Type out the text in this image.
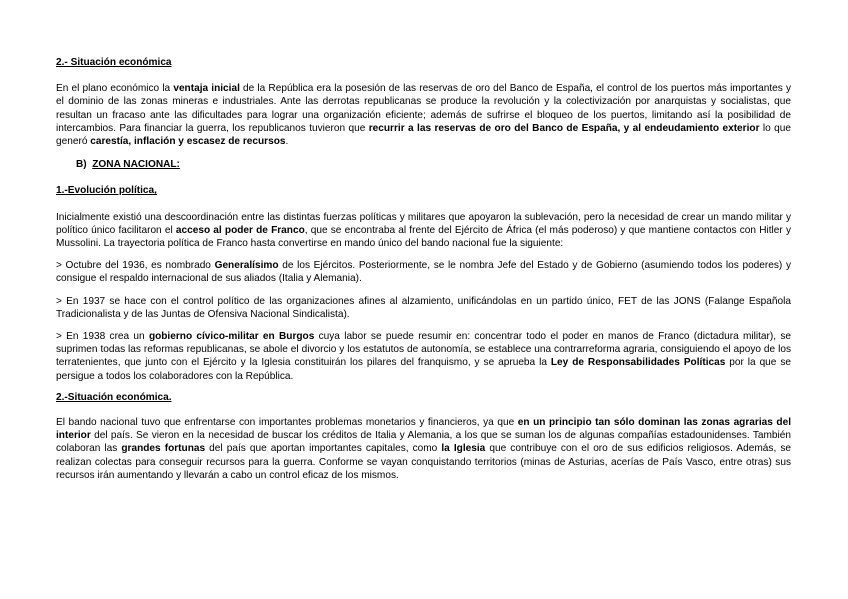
2.- Situación económica

En el plano económico la ventaja inicial de la República era la posesión de las reservas de oro del Banco de España, el control de los puertos más importantes y el dominio de las zonas mineras e industriales. Ante las derrotas republicanas se produce la revolución y la colectivización por anarquistas y socialistas, que resultan un fracaso ante las dificultades para lograr una organización eficiente; además de sufrirse el bloqueo de los puertos, limitando así la posibilidad de intercambios. Para financiar la guerra, los republicanos tuvieron que recurrir a las reservas de oro del Banco de España, y al endeudamiento exterior lo que generó carestía, inflación y escasez de recursos.

B) ZONA NACIONAL:

1.-Evolución política,

Inicialmente existió una descoordinación entre las distintas fuerzas políticas y militares que apoyaron la sublevación, pero la necesidad de crear un mando militar y político único facilitaron el acceso al poder de Franco, que se encontraba al frente del Ejército de África (el más poderoso) y que mantiene contactos con Hitler y Mussolini. La trayectoria política de Franco hasta convertirse en mando único del bando nacional fue la siguiente:

> Octubre del 1936, es nombrado Generalísimo de los Ejércitos. Posteriormente, se le nombra Jefe del Estado y de Gobierno (asumiendo todos los poderes) y consigue el respaldo internacional de sus aliados (Italia y Alemania).

> En 1937 se hace con el control político de las organizaciones afines al alzamiento, unificándolas en un partido único, FET de las JONS (Falange Española Tradicionalista y de las Juntas de Ofensiva Nacional Sindicalista).

> En 1938 crea un gobierno cívico-militar en Burgos cuya labor se puede resumir en: concentrar todo el poder en manos de Franco (dictadura militar), se suprimen todas las reformas republicanas, se abole el divorcio y los estatutos de autonomía, se establece una contrarreforma agraria, consiguiendo el apoyo de los terratenientes, que junto con el Ejército y la Iglesia constituirán los pilares del franquismo, y se aprueba la Ley de Responsabilidades Políticas por la que se persigue a todos los colaboradores con la República.

2.-Situación económica.

El bando nacional tuvo que enfrentarse con importantes problemas monetarios y financieros, ya que en un principio tan sólo dominan las zonas agrarias del interior del país. Se vieron en la necesidad de buscar los créditos de Italia y Alemania, a los que se suman los de algunas compañías estadounidenses. También colaboran las grandes fortunas del país que aportan importantes capitales, como la Iglesia que contribuye con el oro de sus edificios religiosos. Además, se realizan colectas para conseguir recursos para la guerra. Conforme se vayan conquistando territorios (minas de Asturias, acerías de País Vasco, entre otras) sus recursos irán aumentando y llevarán a cabo un control eficaz de los mismos.
